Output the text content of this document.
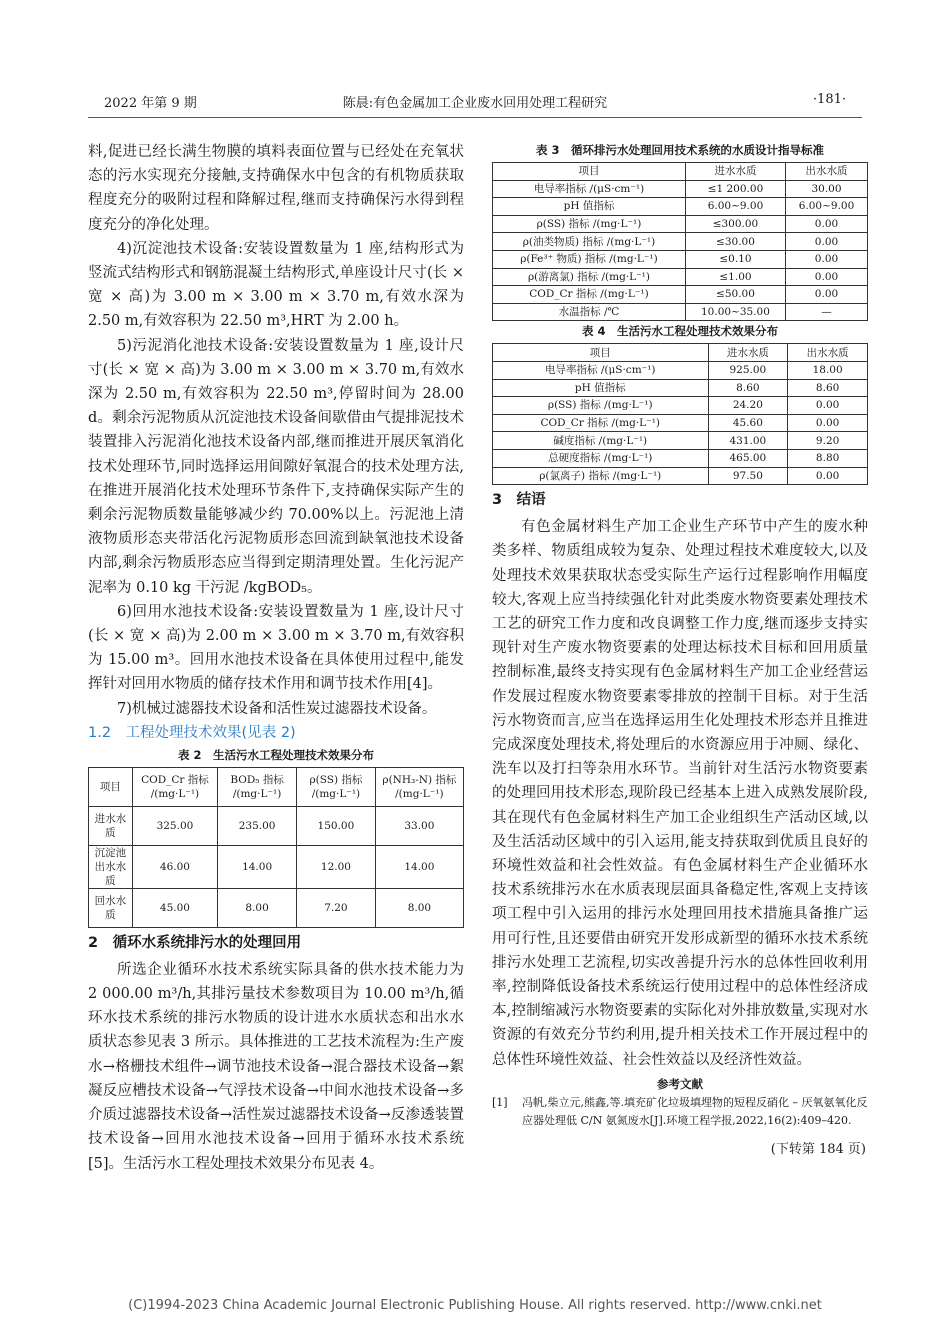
2022 年第 9 期	陈晨:有色金属加工企业废水回用处理工程研究	·181·

料,促进已经长满生物膜的填料表面位置与已经处在充氧状态的污水实现充分接触,支持确保水中包含的有机物质获取程度充分的吸附过程和降解过程,继而支持确保污水得到程度充分的净化处理。

4)沉淀池技术设备:安装设置数量为 1 座,结构形式为竖流式结构形式和钢筋混凝土结构形式,单座设计尺寸(长 × 宽 × 高)为 3.00 m × 3.00 m × 3.70 m,有效水深为 2.50 m,有效容积为 22.50 m³,HRT 为 2.00 h。

5)污泥消化池技术设备:安装设置数量为 1 座,设计尺寸(长 × 宽 × 高)为 3.00 m × 3.00 m × 3.70 m,有效水深为 2.50 m,有效容积为 22.50 m³,停留时间为 28.00 d。剩余污泥物质从沉淀池技术设备间歇借由气提排泥技术装置排入污泥消化池技术设备内部,继而推进开展厌氧消化技术处理环节,同时选择运用间隙好氧混合的技术处理方法,在推进开展消化技术处理环节条件下,支持确保实际产生的剩余污泥物质数量能够减少约 70.00%以上。污泥池上清液物质形态夹带活化污泥物质形态回流到缺氧池技术设备内部,剩余污物质形态应当得到定期清理处置。生化污泥产泥率为 0.10 kg 干污泥 /kgBOD₅。

6)回用水池技术设备:安装设置数量为 1 座,设计尺寸(长 × 宽 × 高)为 2.00 m × 3.00 m × 3.70 m,有效容积为 15.00 m³。回用水池技术设备在具体使用过程中,能发挥针对回用水物质的储存技术作用和调节技术作用[4]。

7)机械过滤器技术设备和活性炭过滤器技术设备。

1.2　工程处理技术效果(见表 2)
表 2　生活污水工程处理技术效果分布
项目	COD_Cr 指标 /(mg·L⁻¹)	BOD₅ 指标 /(mg·L⁻¹)	ρ(SS) 指标 /(mg·L⁻¹)	ρ(NH₃-N) 指标 /(mg·L⁻¹)
进水水质	325.00	235.00	150.00	33.00
沉淀池出水水质	46.00	14.00	12.00	14.00
回水水质	45.00	8.00	7.20	8.00
2　循环水系统排污水的处理回用

所选企业循环水技术系统实际具备的供水技术能力为 2 000.00 m³/h,其排污量技术参数项目为 10.00 m³/h,循环水技术系统的排污水物质的设计进水水质状态和出水水质状态参见表 3 所示。具体推进的工艺技术流程为:生产废水→格栅技术组件→调节池技术设备→混合器技术设备→絮凝反应槽技术设备→气浮技术设备→中间水池技术设备→多介质过滤器技术设备→活性炭过滤器技术设备→反渗透装置技术设备→回用水池技术设备→回用于循环水技术系统[5]。生活污水工程处理技术效果分布见表 4。

表 3　循环排污水处理回用技术系统的水质设计指导标准
项目	进水水质	出水水质
电导率指标 /(μS·cm⁻¹)	≤1 200.00	30.00
pH 值指标	6.00~9.00	6.00~9.00
ρ(SS) 指标 /(mg·L⁻¹)	≤300.00	0.00
ρ(油类物质) 指标 /(mg·L⁻¹)	≤30.00	0.00
ρ(Fe³⁺ 物质) 指标 /(mg·L⁻¹)	≤0.10	0.00
ρ(游离氯) 指标 /(mg·L⁻¹)	≤1.00	0.00
COD_Cr 指标 /(mg·L⁻¹)	≤50.00	0.00
水温指标 /℃	10.00~35.00	—
表 4　生活污水工程处理技术效果分布
项目	进水水质	出水水质
电导率指标 /(μS·cm⁻¹)	925.00	18.00
pH 值指标	8.60	8.60
ρ(SS) 指标 /(mg·L⁻¹)	24.20	0.00
COD_Cr 指标 /(mg·L⁻¹)	45.60	0.00
碱度指标 /(mg·L⁻¹)	431.00	9.20
总硬度指标 /(mg·L⁻¹)	465.00	8.80
ρ(氯离子) 指标 /(mg·L⁻¹)	97.50	0.00
3　结语

有色金属材料生产加工企业生产环节中产生的废水种类多样、物质组成较为复杂、处理过程技术难度较大,以及处理技术效果获取状态受实际生产运行过程影响作用幅度较大,客观上应当持续强化针对此类废水物资要素处理技术工艺的研究工作力度和改良调整工作力度,继而逐步支持实现针对生产废水物资要素的处理达标技术目标和回用质量控制标准,最终支持实现有色金属材料生产加工企业经营运作发展过程废水物资要素零排放的控制干目标。对于生活污水物资而言,应当在选择运用生化处理技术形态并且推进完成深度处理技术,将处理后的水资源应用于冲厕、绿化、洗车以及打扫等杂用水环节。当前针对生活污水物资要素的处理回用技术形态,现阶段已经基本上进入成熟发展阶段,其在现代有色金属材料生产加工企业组织生产活动区域,以及生活活动区域中的引入运用,能支持获取到优质且良好的环境性效益和社会性效益。有色金属材料生产企业循环水技术系统排污水在水质表现层面具备稳定性,客观上支持该项工程中引入运用的排污水处理回用技术措施具备推广运用可行性,且还要借由研究开发形成新型的循环水技术系统排污水处理工艺流程,切实改善提升污水的总体性回收利用率,控制降低设备技术系统运行使用过程中的总体性经济成本,控制缩减污水物资要素的实际化对外排放数量,实现对水资源的有效充分节约利用,提升相关技术工作开展过程中的总体性环境性效益、社会性效益以及经济性效益。

参考文献
[1]	冯帆,柴立元,熊鑫,等.填充矿化垃圾填埋物的短程反硝化 – 厌氧氨氧化反应器处理低 C/N 氨氮废水[J].环境工程学报,2022,16(2):409–420.
(下转第 184 页)
(C)1994-2023 China Academic Journal Electronic Publishing House. All rights reserved. http://www.cnki.net
